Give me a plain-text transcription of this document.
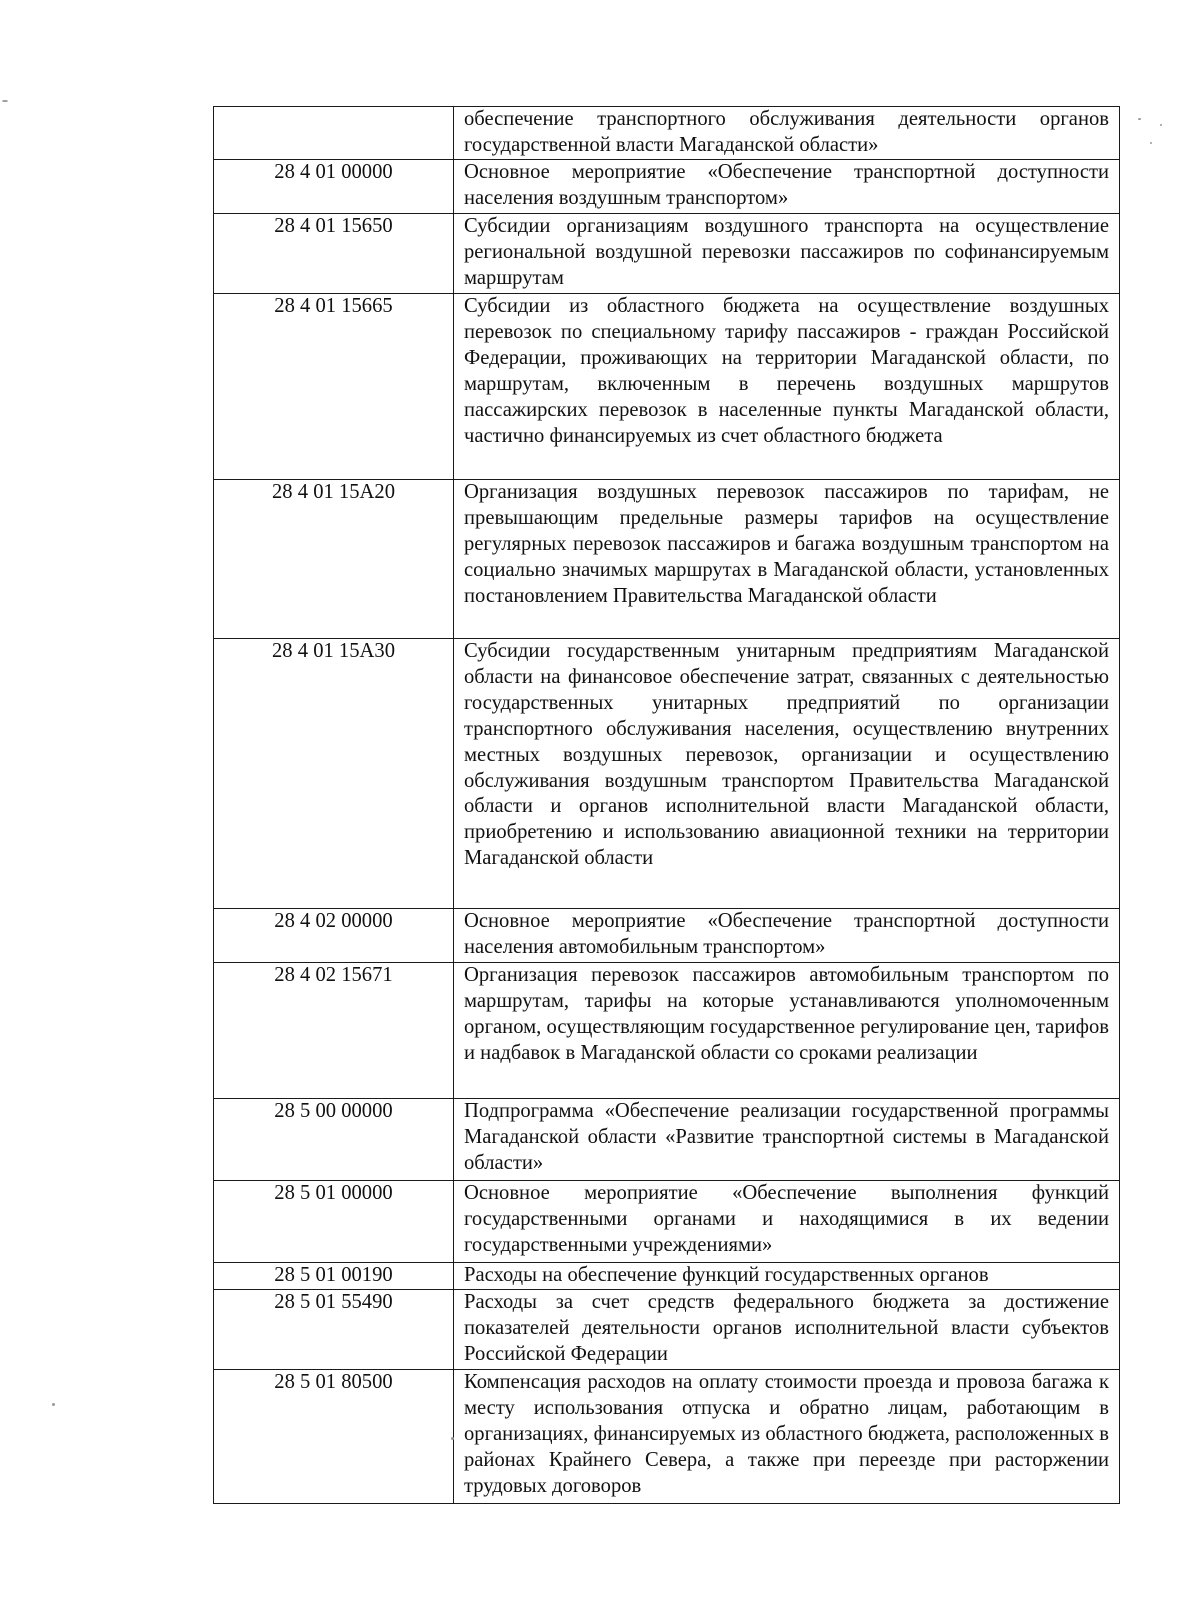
	обеспечение транспортного обслуживания деятельности органов государственной власти Магаданской области»
28 4 01 00000	Основное мероприятие «Обеспечение транспортной доступности населения воздушным транспортом»
28 4 01 15650	Субсидии организациям воздушного транспорта на осуществление региональной воздушной перевозки пассажиров по софинансируемым маршрутам
28 4 01 15665	Субсидии из областного бюджета на осуществление воздушных перевозок по специальному тарифу пассажиров - граждан Российской Федерации, проживающих на территории Магаданской области, по маршрутам, включенным в перечень воздушных маршрутов пассажирских перевозок в населенные пункты Магаданской области, частично финансируемых из счет областного бюджета
28 4 01 15А20	Организация воздушных перевозок пассажиров по тарифам, не превышающим предельные размеры тарифов на осуществление регулярных перевозок пассажиров и багажа воздушным транспортом на социально значимых маршрутах в Магаданской области, установленных постановлением Правительства Магаданской области
28 4 01 15А30	Субсидии государственным унитарным предприятиям Магаданской области на финансовое обеспечение затрат, связанных с деятельностью государственных унитарных предприятий по организации транспортного обслуживания населения, осуществлению внутренних местных воздушных перевозок, организации и осуществлению обслуживания воздушным транспортом Правительства Магаданской области и органов исполнительной власти Магаданской области, приобретению и использованию авиационной техники на территории Магаданской области
28 4 02 00000	Основное мероприятие «Обеспечение транспортной доступности населения автомобильным транспортом»
28 4 02 15671	Организация перевозок пассажиров автомобильным транспортом по маршрутам, тарифы на которые устанавливаются уполномоченным органом, осуществляющим государственное регулирование цен, тарифов и надбавок в Магаданской области со сроками реализации
28 5 00 00000	Подпрограмма «Обеспечение реализации государственной программы Магаданской области «Развитие транспортной системы в Магаданской области»
28 5 01 00000	Основное мероприятие «Обеспечение выполнения функций государственными органами и находящимися в их ведении государственными учреждениями»
28 5 01 00190	Расходы на обеспечение функций государственных органов
28 5 01 55490	Расходы за счет средств федерального бюджета за достижение показателей деятельности органов исполнительной власти субъектов Российской Федерации
28 5 01 80500	Компенсация расходов на оплату стоимости проезда и провоза багажа к месту использования отпуска и обратно лицам, работающим в организациях, финансируемых из областного бюджета, расположенных в районах Крайнего Севера, а также при переезде при расторжении трудовых договоров
